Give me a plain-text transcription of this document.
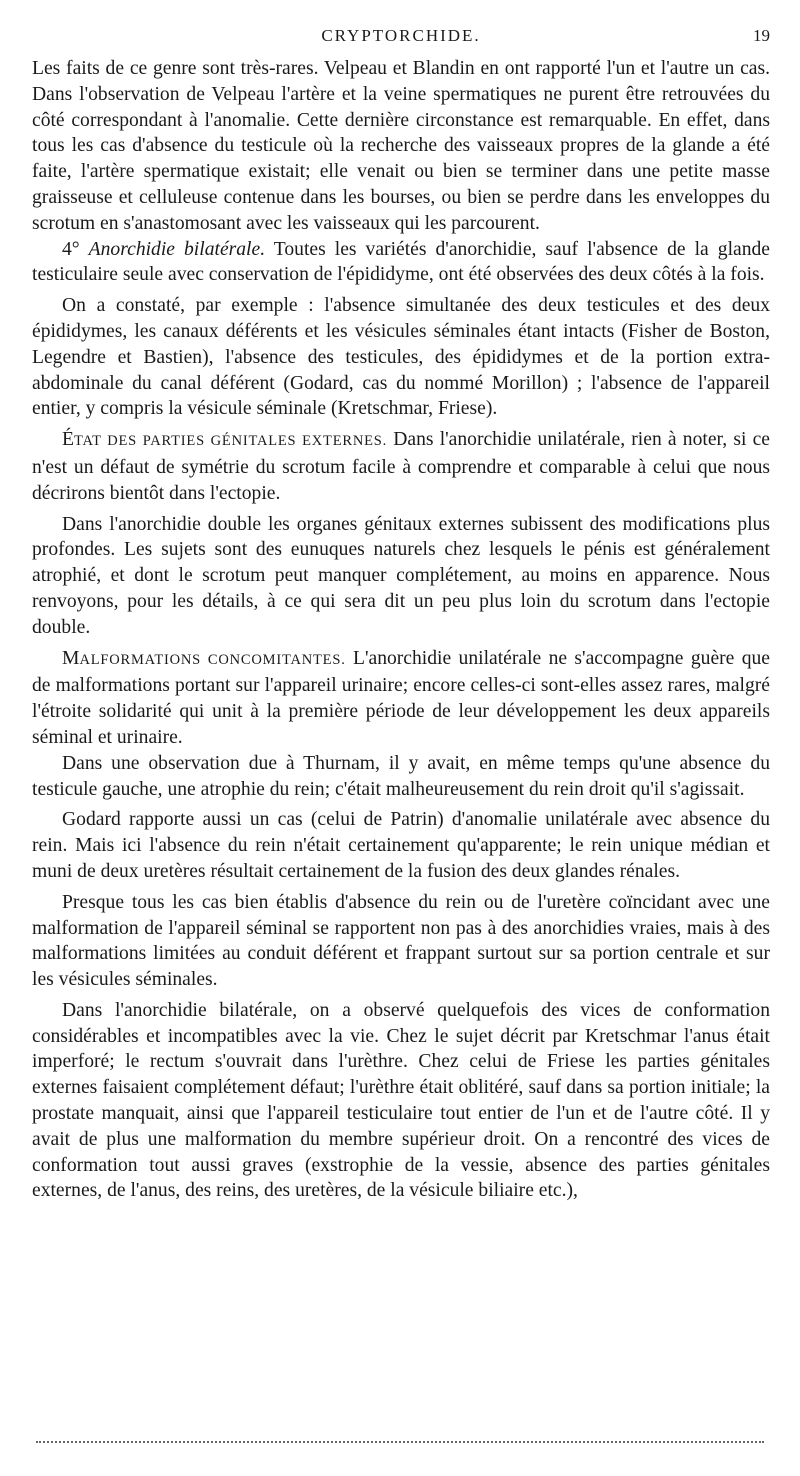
CRYPTORCHIDE.	19

Les faits de ce genre sont très-rares. Velpeau et Blandin en ont rapporté l'un et l'autre un cas. Dans l'observation de Velpeau l'artère et la veine spermatiques ne purent être retrouvées du côté correspondant à l'anomalie. Cette dernière circonstance est remarquable. En effet, dans tous les cas d'absence du testicule où la recherche des vaisseaux propres de la glande a été faite, l'artère spermatique existait; elle venait ou bien se terminer dans une petite masse graisseuse et celluleuse contenue dans les bourses, ou bien se perdre dans les enveloppes du scrotum en s'anastomosant avec les vaisseaux qui les parcourent.

4° Anorchidie bilatérale. Toutes les variétés d'anorchidie, sauf l'absence de la glande testiculaire seule avec conservation de l'épididyme, ont été observées des deux côtés à la fois.

On a constaté, par exemple : l'absence simultanée des deux testicules et des deux épididymes, les canaux déférents et les vésicules séminales étant intacts (Fisher de Boston, Legendre et Bastien), l'absence des testicules, des épididymes et de la portion extra-abdominale du canal déférent (Godard, cas du nommé Morillon) ; l'absence de l'appareil entier, y compris la vésicule séminale (Kretschmar, Friese).

ÉTAT DES PARTIES GÉNITALES EXTERNES. Dans l'anorchidie unilatérale, rien à noter, si ce n'est un défaut de symétrie du scrotum facile à comprendre et comparable à celui que nous décrirons bientôt dans l'ectopie.

Dans l'anorchidie double les organes génitaux externes subissent des modifications plus profondes. Les sujets sont des eunuques naturels chez lesquels le pénis est généralement atrophié, et dont le scrotum peut manquer complétement, au moins en apparence. Nous renvoyons, pour les détails, à ce qui sera dit un peu plus loin du scrotum dans l'ectopie double.

MALFORMATIONS CONCOMITANTES. L'anorchidie unilatérale ne s'accompagne guère que de malformations portant sur l'appareil urinaire; encore celles-ci sont-elles assez rares, malgré l'étroite solidarité qui unit à la première période de leur développement les deux appareils séminal et urinaire.

Dans une observation due à Thurnam, il y avait, en même temps qu'une absence du testicule gauche, une atrophie du rein; c'était malheureusement du rein droit qu'il s'agissait.

Godard rapporte aussi un cas (celui de Patrin) d'anomalie unilatérale avec absence du rein. Mais ici l'absence du rein n'était certainement qu'apparente; le rein unique médian et muni de deux uretères résultait certainement de la fusion des deux glandes rénales.

Presque tous les cas bien établis d'absence du rein ou de l'uretère coïncidant avec une malformation de l'appareil séminal se rapportent non pas à des anorchidies vraies, mais à des malformations limitées au conduit déférent et frappant surtout sur sa portion centrale et sur les vésicules séminales.

Dans l'anorchidie bilatérale, on a observé quelquefois des vices de conformation considérables et incompatibles avec la vie. Chez le sujet décrit par Kretschmar l'anus était imperforé; le rectum s'ouvrait dans l'urèthre. Chez celui de Friese les parties génitales externes faisaient complétement défaut; l'urèthre était oblitéré, sauf dans sa portion initiale; la prostate manquait, ainsi que l'appareil testiculaire tout entier de l'un et de l'autre côté. Il y avait de plus une malformation du membre supérieur droit. On a rencontré des vices de conformation tout aussi graves (exstrophie de la vessie, absence des parties génitales externes, de l'anus, des reins, des uretères, de la vésicule biliaire etc.),
